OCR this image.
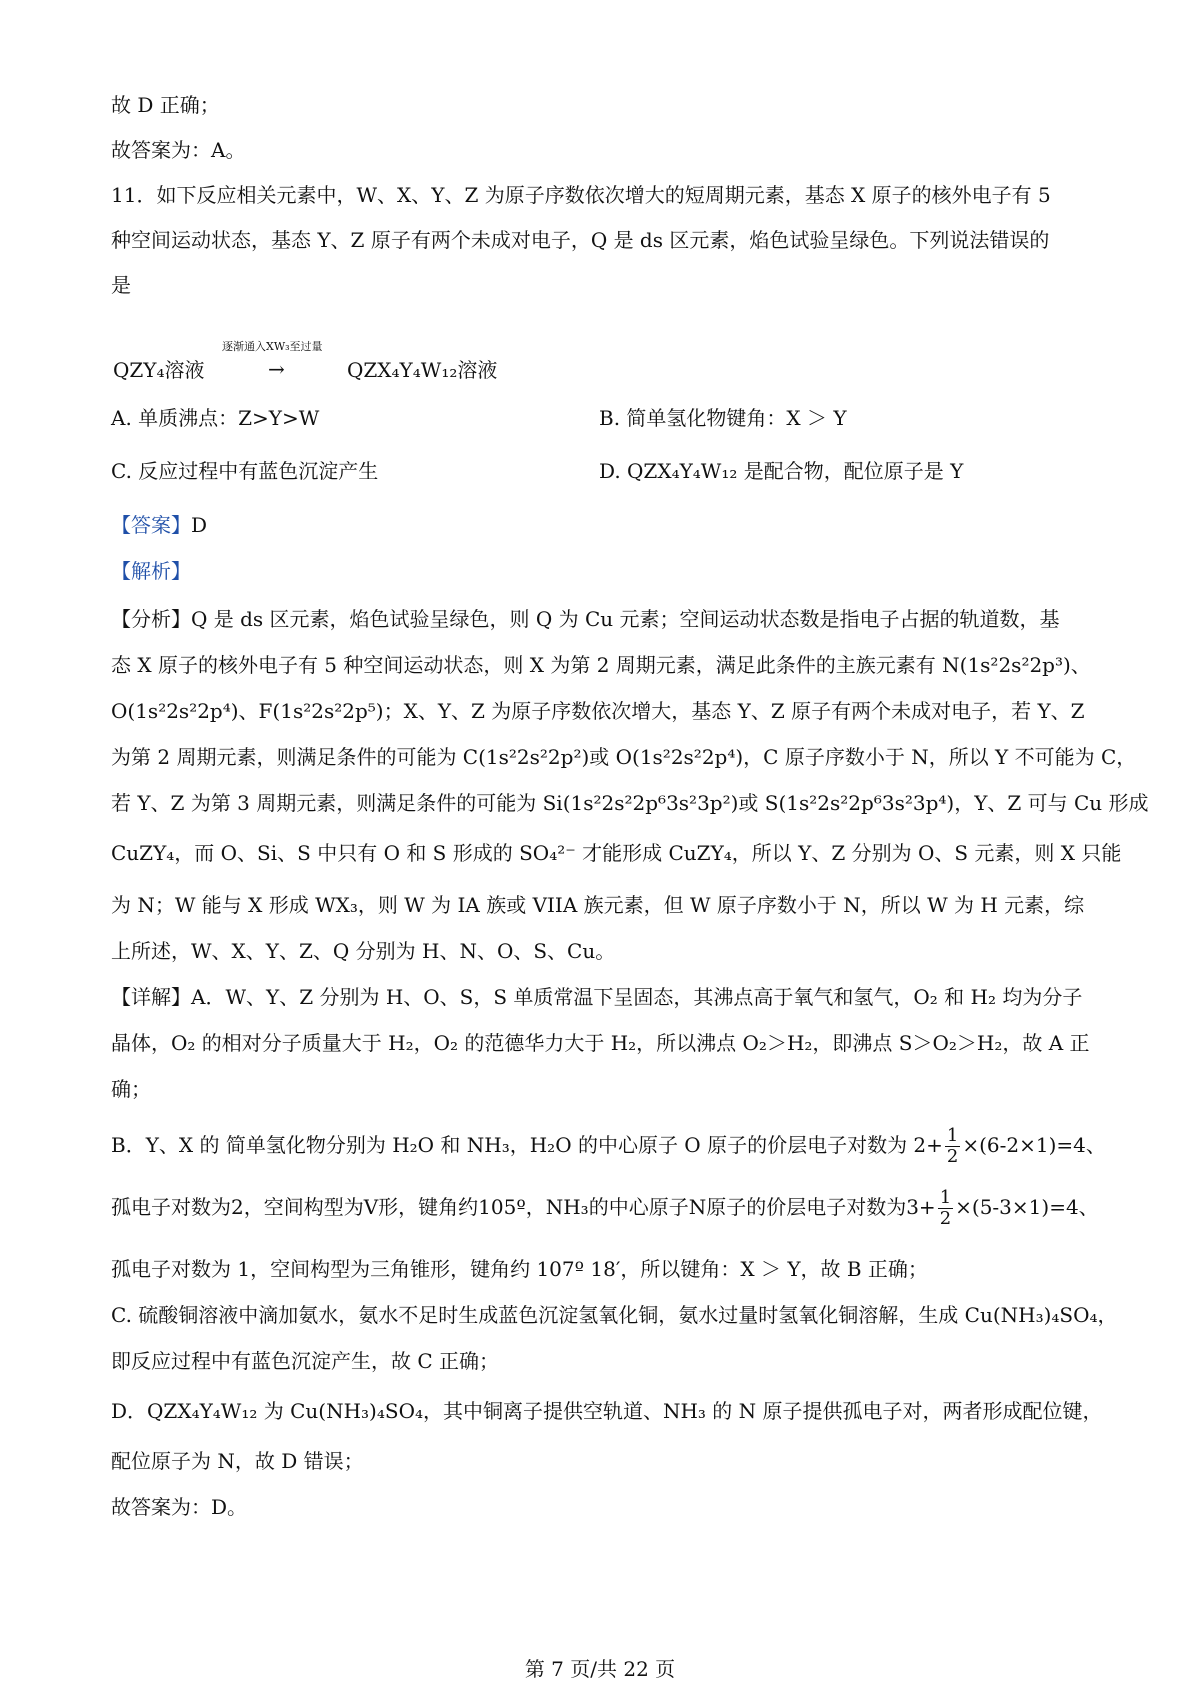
故 D 正确；
故答案为：A。
11．如下反应相关元素中，W、X、Y、Z 为原子序数依次增大的短周期元素，基态 X 原子的核外电子有 5
种空间运动状态，基态 Y、Z 原子有两个未成对电子，Q 是 ds 区元素，焰色试验呈绿色。下列说法错误的
是
逐渐通入XW₃至过量
QZY₄溶液	→	QZX₄Y₄W₁₂溶液
A. 单质沸点：Z>Y>W	B. 简单氢化物键角：X ＞ Y
C. 反应过程中有蓝色沉淀产生	D. QZX₄Y₄W₁₂ 是配合物，配位原子是 Y
【答案】D
【解析】
【分析】Q 是 ds 区元素，焰色试验呈绿色，则 Q 为 Cu 元素；空间运动状态数是指电子占据的轨道数，基
态 X 原子的核外电子有 5 种空间运动状态，则 X 为第 2 周期元素，满足此条件的主族元素有 N(1s²2s²2p³)、
O(1s²2s²2p⁴)、F(1s²2s²2p⁵)；X、Y、Z 为原子序数依次增大，基态 Y、Z 原子有两个未成对电子，若 Y、Z
为第 2 周期元素，则满足条件的可能为 C(1s²2s²2p²)或 O(1s²2s²2p⁴)，C 原子序数小于 N，所以 Y 不可能为 C，
若 Y、Z 为第 3 周期元素，则满足条件的可能为 Si(1s²2s²2p⁶3s²3p²)或 S(1s²2s²2p⁶3s²3p⁴)，Y、Z 可与 Cu 形成
CuZY₄，而 O、Si、S 中只有 O 和 S 形成的 SO₄²⁻ 才能形成 CuZY₄，所以 Y、Z 分别为 O、S 元素，则 X 只能
为 N；W 能与 X 形成 WX₃，则 W 为 IA 族或 VIIA 族元素，但 W 原子序数小于 N，所以 W 为 H 元素，综
上所述，W、X、Y、Z、Q 分别为 H、N、O、S、Cu。
【详解】A．W、Y、Z 分别为 H、O、S，S 单质常温下呈固态，其沸点高于氧气和氢气，O₂ 和 H₂ 均为分子
晶体，O₂ 的相对分子质量大于 H₂，O₂ 的范德华力大于 H₂，所以沸点 O₂＞H₂，即沸点 S＞O₂＞H₂，故 A 正
确；
B．Y、X 的 简单氢化物分别为 H₂O 和 NH₃，H₂O 的中心原子 O 原子的价层电子对数为 $2+ \frac{1}{2} \times(6-2\times 1)=4$、
孤电子对数为2，空间构型为V形，键角约105º，NH₃的中心原子N原子的价层电子对数为$3+ \frac{1}{2} \times(5-3\times 1)=4$、
孤电子对数为 1，空间构型为三角锥形，键角约 107º 18′，所以键角：X ＞ Y，故 B 正确；
C. 硫酸铜溶液中滴加氨水，氨水不足时生成蓝色沉淀氢氧化铜，氨水过量时氢氧化铜溶解，生成 Cu(NH₃)₄SO₄，
即反应过程中有蓝色沉淀产生，故 C 正确；
D．QZX₄Y₄W₁₂ 为 Cu(NH₃)₄SO₄，其中铜离子提供空轨道、NH₃ 的 N 原子提供孤电子对，两者形成配位键，
配位原子为 N，故 D 错误；
故答案为：D。
第 7 页/共 22 页
